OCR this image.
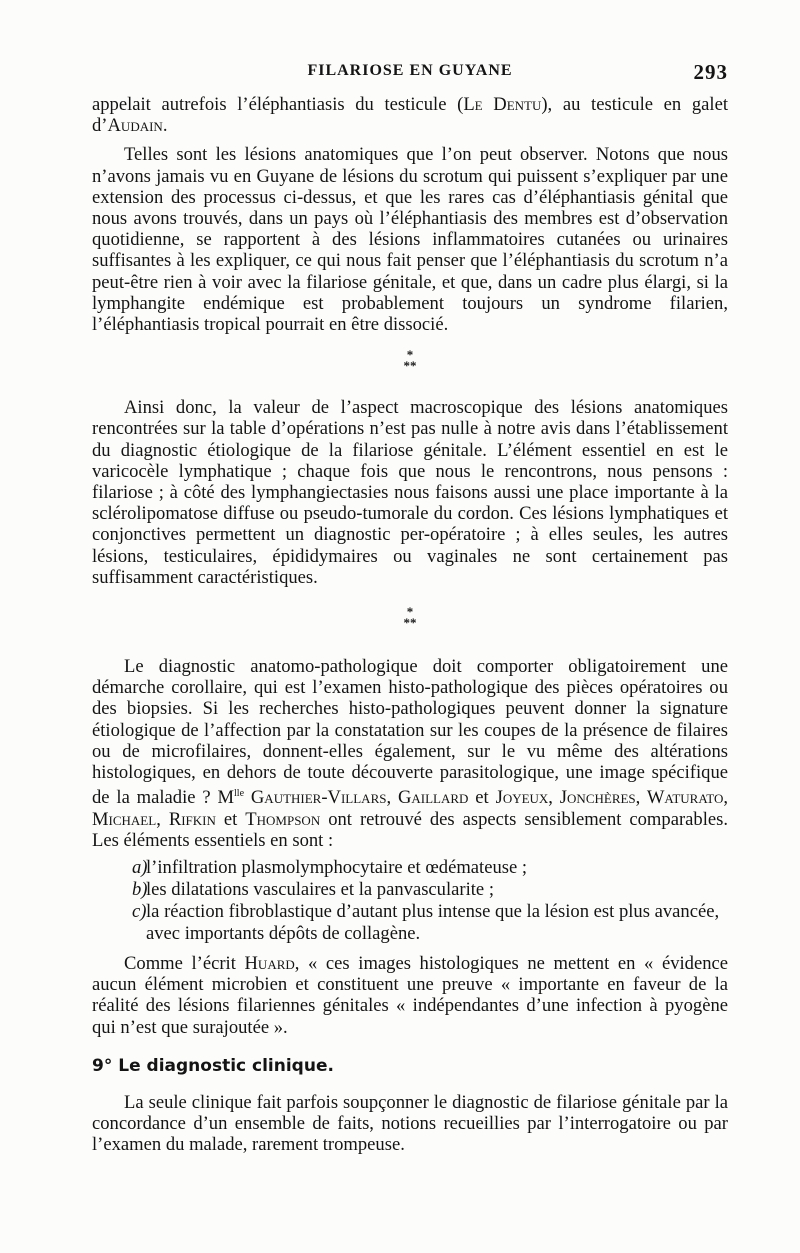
FILARIOSE EN GUYANE	293

appelait autrefois l’éléphantiasis du testicule (Le Dentu), au testicule en galet d’Audain.

Telles sont les lésions anatomiques que l’on peut observer. Notons que nous n’avons jamais vu en Guyane de lésions du scrotum qui puissent s’expliquer par une extension des processus ci-dessus, et que les rares cas d’éléphantiasis génital que nous avons trouvés, dans un pays où l’éléphantiasis des membres est d’observation quotidienne, se rapportent à des lésions inflammatoires cutanées ou urinaires suffisantes à les expliquer, ce qui nous fait penser que l’éléphantiasis du scrotum n’a peut-être rien à voir avec la filariose génitale, et que, dans un cadre plus élargi, si la lymphangite endémique est probablement toujours un syndrome filarien, l’éléphantiasis tropical pourrait en être dissocié.

*
**

Ainsi donc, la valeur de l’aspect macroscopique des lésions anatomiques rencontrées sur la table d’opérations n’est pas nulle à notre avis dans l’établissement du diagnostic étiologique de la filariose génitale. L’élément essentiel en est le varicocèle lymphatique ; chaque fois que nous le rencontrons, nous pensons : filariose ; à côté des lymphangiectasies nous faisons aussi une place importante à la sclérolipomatose diffuse ou pseudo-tumorale du cordon. Ces lésions lymphatiques et conjonctives permettent un diagnostic per-opératoire ; à elles seules, les autres lésions, testiculaires, épididymaires ou vaginales ne sont certainement pas suffisamment caractéristiques.

*
**

Le diagnostic anatomo-pathologique doit comporter obligatoirement une démarche corollaire, qui est l’examen histo-pathologique des pièces opératoires ou des biopsies. Si les recherches histo-pathologiques peuvent donner la signature étiologique de l’affection par la constatation sur les coupes de la présence de filaires ou de microfilaires, donnent-elles également, sur le vu même des altérations histologiques, en dehors de toute découverte parasitologique, une image spécifique de la maladie ? $M^{lle}$ Gauthier-Villars, Gaillard et Joyeux, Jonchères, Waturato, Michael, Rifkin et Thompson ont retrouvé des aspects sensiblement comparables. Les éléments essentiels en sont :

a)
l’infiltration plasmolymphocytaire et œdémateuse ;
b)
les dilatations vasculaires et la panvascularite ;
c) la réaction fibroblastique d’autant plus intense que la lésion est plus avancée, avec importants dépôts de collagène.

Comme l’écrit Huard, « ces images histologiques ne mettent en « évidence aucun élément microbien et constituent une preuve « importante en faveur de la réalité des lésions filariennes génitales « indépendantes d’une infection à pyogène qui n’est que surajoutée ».

9° Le diagnostic clinique.

La seule clinique fait parfois soupçonner le diagnostic de filariose génitale par la concordance d’un ensemble de faits, notions recueillies par l’interrogatoire ou par l’examen du malade, rarement trompeuse.
